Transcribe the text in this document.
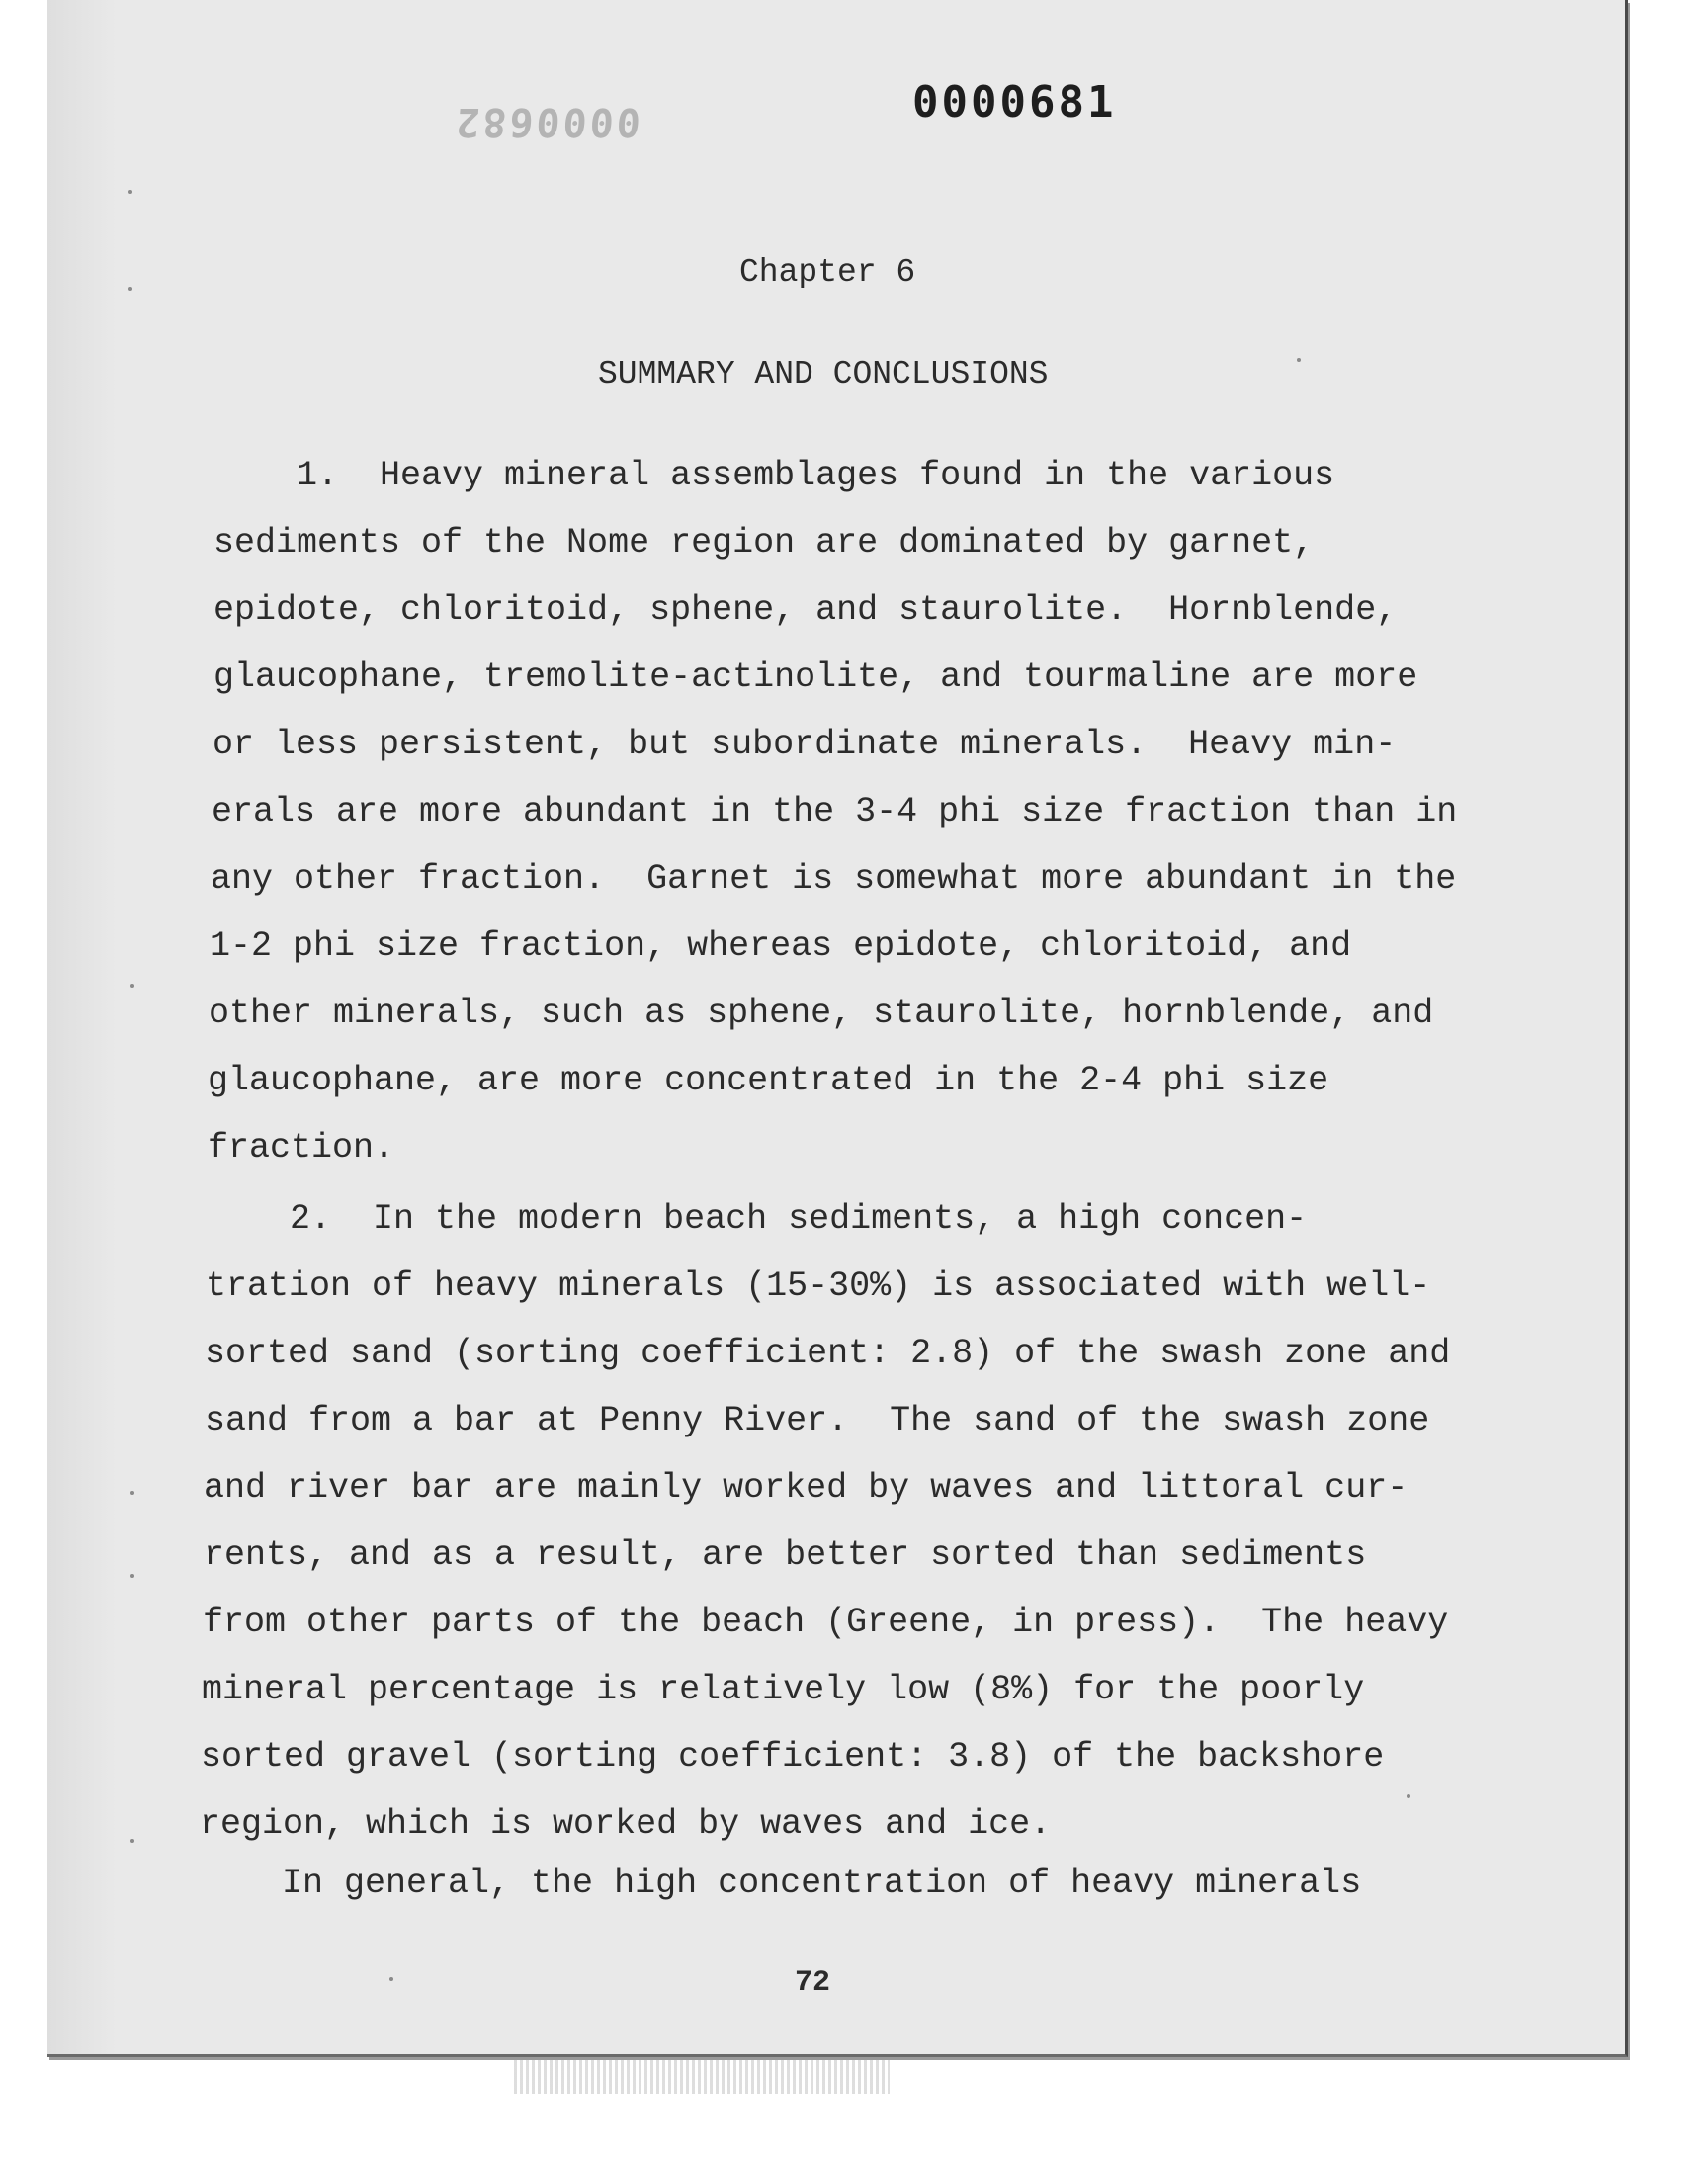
0000682	0000681
Chapter 6
SUMMARY AND CONCLUSIONS
1.  Heavy mineral assemblages found in the various
sediments of the Nome region are dominated by garnet,
epidote, chloritoid, sphene, and staurolite.  Hornblende,
glaucophane, tremolite-actinolite, and tourmaline are more
or less persistent, but subordinate minerals.  Heavy min-
erals are more abundant in the 3-4 phi size fraction than in
any other fraction.  Garnet is somewhat more abundant in the
1-2 phi size fraction, whereas epidote, chloritoid, and
other minerals, such as sphene, staurolite, hornblende, and
glaucophane, are more concentrated in the 2-4 phi size
fraction.
2.  In the modern beach sediments, a high concen-
tration of heavy minerals (15-30%) is associated with well-
sorted sand (sorting coefficient: 2.8) of the swash zone and
sand from a bar at Penny River.  The sand of the swash zone
and river bar are mainly worked by waves and littoral cur-
rents, and as a result, are better sorted than sediments
from other parts of the beach (Greene, in press).  The heavy
mineral percentage is relatively low (8%) for the poorly
sorted gravel (sorting coefficient: 3.8) of the backshore
region, which is worked by waves and ice.
In general, the high concentration of heavy minerals
72
